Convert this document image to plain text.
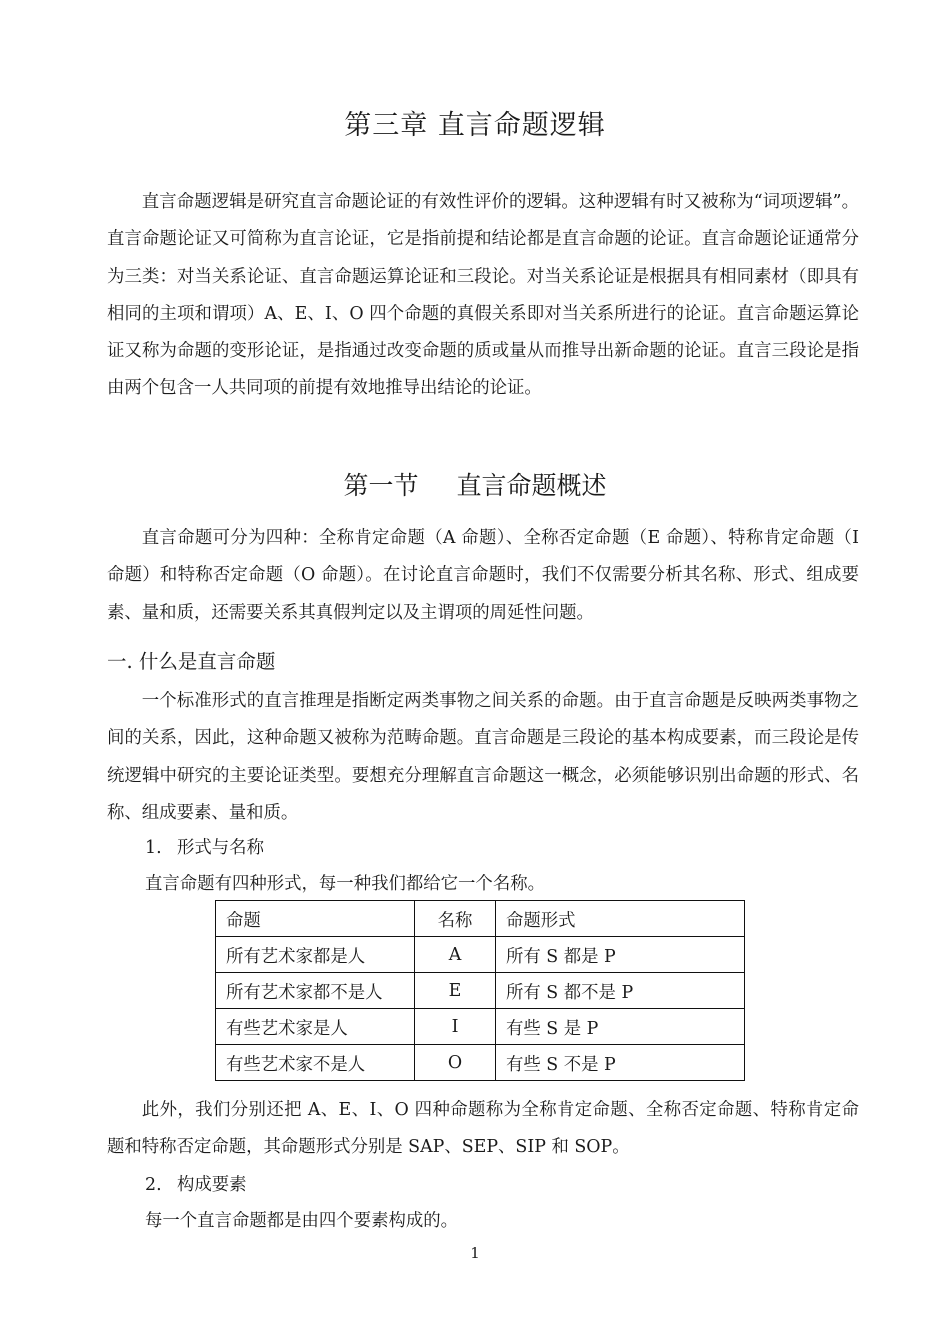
第三章 直言命题逻辑

直言命题逻辑是研究直言命题论证的有效性评价的逻辑。这种逻辑有时又被称为“词项逻辑”。直言命题论证又可简称为直言论证，它是指前提和结论都是直言命题的论证。直言命题论证通常分为三类：对当关系论证、直言命题运算论证和三段论。对当关系论证是根据具有相同素材（即具有相同的主项和谓项）A、E、I、O 四个命题的真假关系即对当关系所进行的论证。直言命题运算论证又称为命题的变形论证，是指通过改变命题的质或量从而推导出新命题的论证。直言三段论是指由两个包含一人共同项的前提有效地推导出结论的论证。

第一节 直言命题概述

直言命题可分为四种：全称肯定命题（A 命题）、全称否定命题（E 命题）、特称肯定命题（I 命题）和特称否定命题（O 命题）。在讨论直言命题时，我们不仅需要分析其名称、形式、组成要素、量和质，还需要关系其真假判定以及主谓项的周延性问题。

一. 什么是直言命题

一个标准形式的直言推理是指断定两类事物之间关系的命题。由于直言命题是反映两类事物之间的关系，因此，这种命题又被称为范畴命题。直言命题是三段论的基本构成要素，而三段论是传统逻辑中研究的主要论证类型。要想充分理解直言命题这一概念，必须能够识别出命题的形式、名称、组成要素、量和质。

1. 形式与名称
直言命题有四种形式，每一种我们都给它一个名称。
命题	名称	命题形式
所有艺术家都是人	A	所有 S 都是 P
所有艺术家都不是人	E	所有 S 都不是 P
有些艺术家是人	I	有些 S 是 P
有些艺术家不是人	O	有些 S 不是 P

此外，我们分别还把 A、E、I、O 四种命题称为全称肯定命题、全称否定命题、特称肯定命题和特称否定命题，其命题形式分别是 SAP、SEP、SIP 和 SOP。

2. 构成要素
每一个直言命题都是由四个要素构成的。
1
